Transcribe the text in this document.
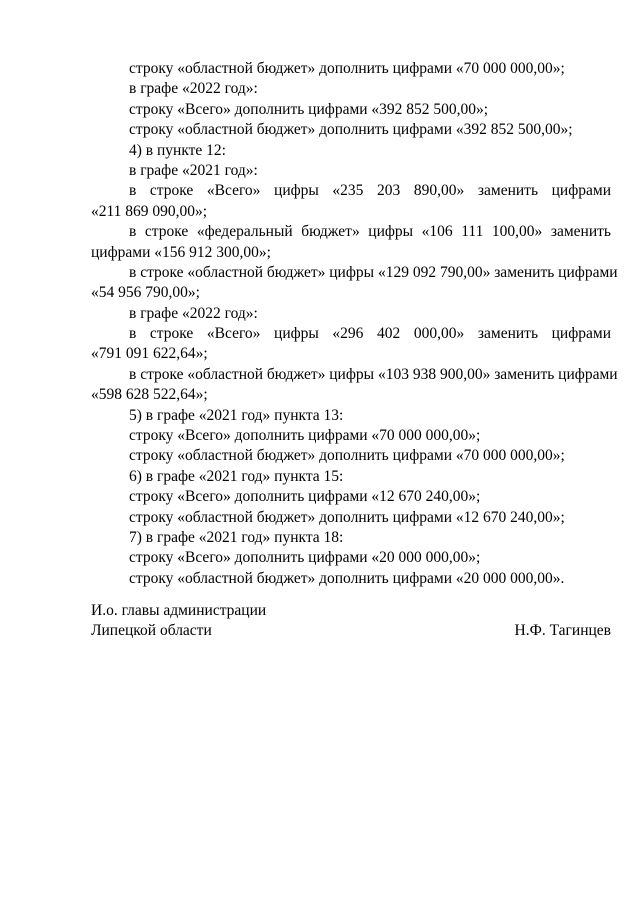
строку «областной бюджет» дополнить цифрами «70 000 000,00»;
в графе «2022 год»:
строку «Всего» дополнить цифрами «392 852 500,00»;
строку «областной бюджет» дополнить цифрами «392 852 500,00»;
4) в пункте 12:
в графе «2021 год»:
в строке «Всего» цифры «235 203 890,00» заменить цифрами
«211 869 090,00»;
в строке «федеральный бюджет» цифры «106 111 100,00» заменить
цифрами «156 912 300,00»;
в строке «областной бюджет» цифры «129 092 790,00» заменить цифрами
«54 956 790,00»;
в графе «2022 год»:
в строке «Всего» цифры «296 402 000,00» заменить цифрами
«791 091 622,64»;
в строке «областной бюджет» цифры «103 938 900,00» заменить цифрами
«598 628 522,64»;
5) в графе «2021 год» пункта 13:
строку «Всего» дополнить цифрами «70 000 000,00»;
строку «областной бюджет» дополнить цифрами «70 000 000,00»;
6) в графе «2021 год» пункта 15:
строку «Всего» дополнить цифрами «12 670 240,00»;
строку «областной бюджет» дополнить цифрами «12 670 240,00»;
7) в графе «2021 год» пункта 18:
строку «Всего» дополнить цифрами «20 000 000,00»;
строку «областной бюджет» дополнить цифрами «20 000 000,00».
И.о. главы администрации
Липецкой области	Н.Ф. Тагинцев
